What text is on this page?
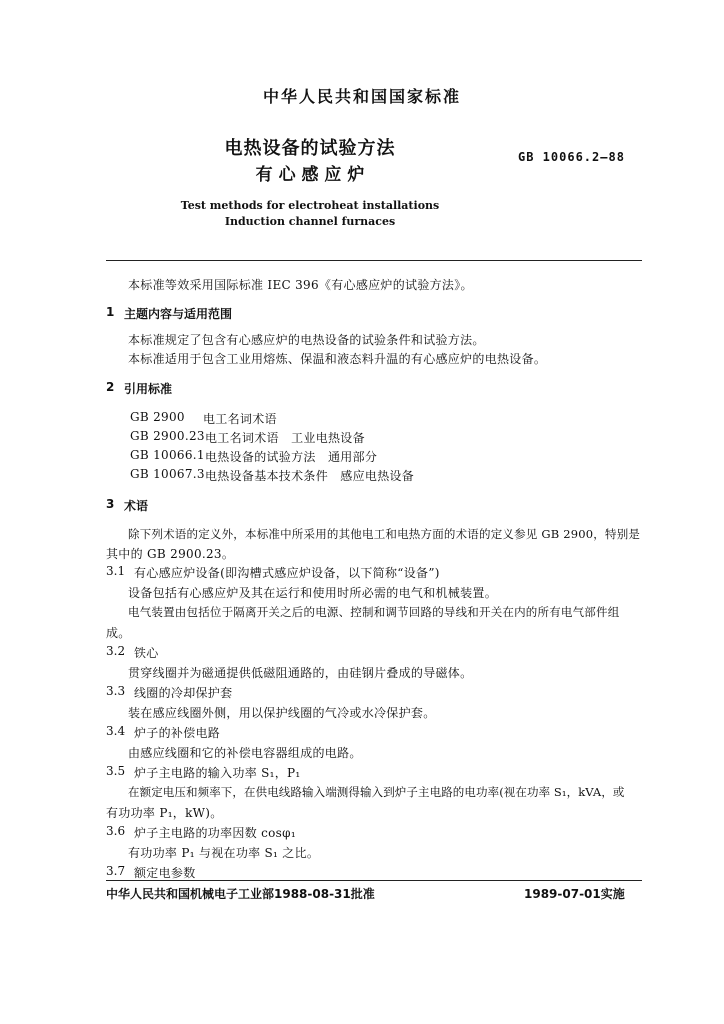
中华人民共和国国家标准
电热设备的试验方法
有 心 感 应 炉
GB 10066.2—88
Test methods for electroheat installations
Induction channel furnaces
本标准等效采用国际标准 IEC 396《有心感应炉的试验方法》。
1 主题内容与适用范围
本标准规定了包含有心感应炉的电热设备的试验条件和试验方法。
本标准适用于包含工业用熔炼、保温和液态料升温的有心感应炉的电热设备。
2 引用标准
GB 2900 电工名词术语
GB 2900.23 电工名词术语　工业电热设备
GB 10066.1 电热设备的试验方法　通用部分
GB 10067.3 电热设备基本技术条件　感应电热设备
3 术语
除下列术语的定义外，本标准中所采用的其他电工和电热方面的术语的定义参见 GB 2900，特别是
其中的 GB 2900.23。
3.1 有心感应炉设备(即沟槽式感应炉设备，以下简称“设备”)
设备包括有心感应炉及其在运行和使用时所必需的电气和机械装置。
电气装置由包括位于隔离开关之后的电源、控制和调节回路的导线和开关在内的所有电气部件组
成。
3.2 铁心
贯穿线圈并为磁通提供低磁阻通路的，由硅钢片叠成的导磁体。
3.3 线圈的冷却保护套
装在感应线圈外侧，用以保护线圈的气冷或水冷保护套。
3.4 炉子的补偿电路
由感应线圈和它的补偿电容器组成的电路。
3.5 炉子主电路的输入功率 S₁，P₁
在额定电压和频率下，在供电线路输入端测得输入到炉子主电路的电功率(视在功率 S₁，kVA，或
有功功率 P₁，kW)。
3.6 炉子主电路的功率因数 cosφ₁
有功功率 P₁ 与视在功率 S₁ 之比。
3.7 额定电参数
中华人民共和国机械电子工业部1988-08-31批准	1989-07-01实施
